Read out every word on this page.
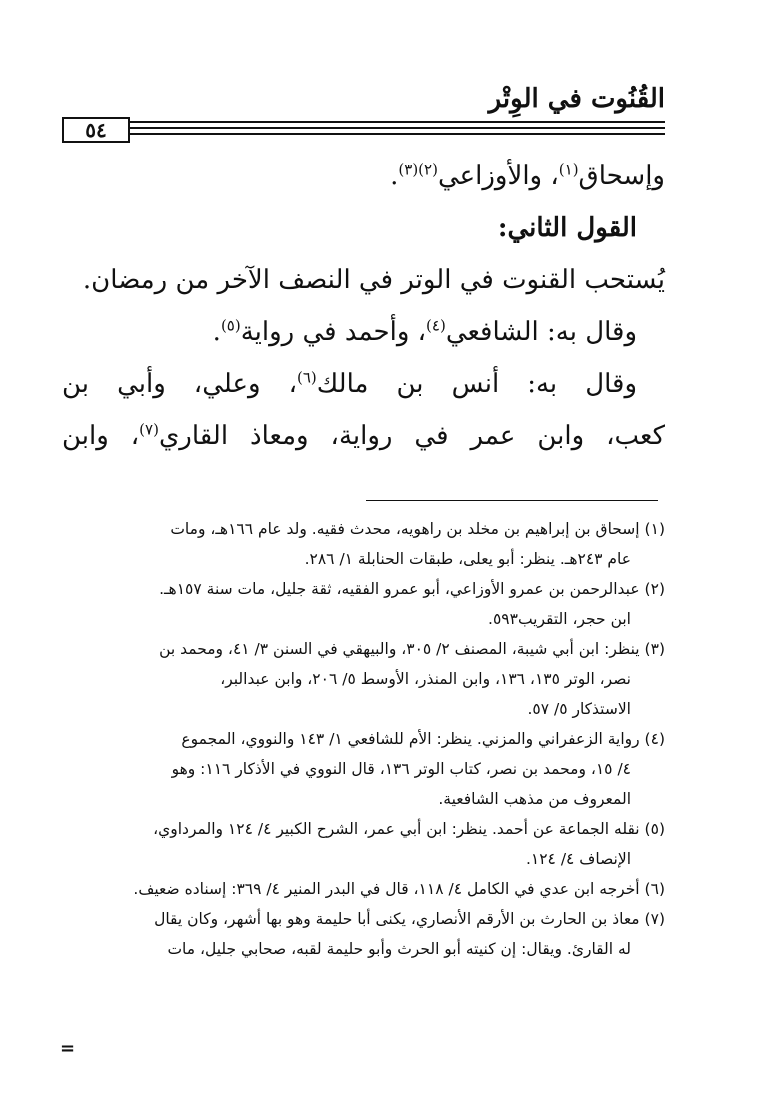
القُنُوت في الوِتْر
٥٤

وإسحاق$^{(١)}$، والأوزاعي$^{(٢)(٣)}$.

القول الثاني:

يُستحب القنوت في الوتر في النصف الآخر من رمضان.

وقال به: الشافعي$^{(٤)}$، وأحمد في رواية$^{(٥)}$.

وقال به: أنس بن مالك$^{(٦)}$، وعلي، وأبي بن

كعب، وابن عمر في رواية، ومعاذ القاري$^{(٧)}$، وابن

(١) إسحاق بن إبراهيم بن مخلد بن راهويه، محدث فقيه. ولد عام ١٦٦هـ، ومات
عام ٢٤٣هـ. ينظر: أبو يعلى، طبقات الحنابلة ١/ ٢٨٦.
(٢) عبدالرحمن بن عمرو الأوزاعي، أبو عمرو الفقيه، ثقة جليل، مات سنة ١٥٧هـ.
ابن حجر، التقريب٥٩٣.
(٣) ينظر: ابن أبي شيبة، المصنف ٢/ ٣٠٥، والبيهقي في السنن ٣/ ٤١، ومحمد بن
نصر، الوتر ١٣٥، ١٣٦، وابن المنذر، الأوسط ٥/ ٢٠٦، وابن عبدالبر،
الاستذكار ٥/ ٥٧.
(٤) رواية الزعفراني والمزني. ينظر: الأم للشافعي ١/ ١٤٣ والنووي، المجموع
٤/ ١٥، ومحمد بن نصر، كتاب الوتر ١٣٦، قال النووي في الأذكار ١١٦: وهو
المعروف من مذهب الشافعية.
(٥) نقله الجماعة عن أحمد. ينظر: ابن أبي عمر، الشرح الكبير ٤/ ١٢٤ والمرداوي،
الإنصاف ٤/ ١٢٤.
(٦) أخرجه ابن عدي في الكامل ٤/ ١١٨، قال في البدر المنير ٤/ ٣٦٩: إسناده ضعيف.
(٧) معاذ بن الحارث بن الأرقم الأنصاري، يكنى أبا حليمة وهو بها أشهر، وكان يقال
له القارئ. ويقال: إن كنيته أبو الحرث وأبو حليمة لقبه، صحابي جليل، مات
=
